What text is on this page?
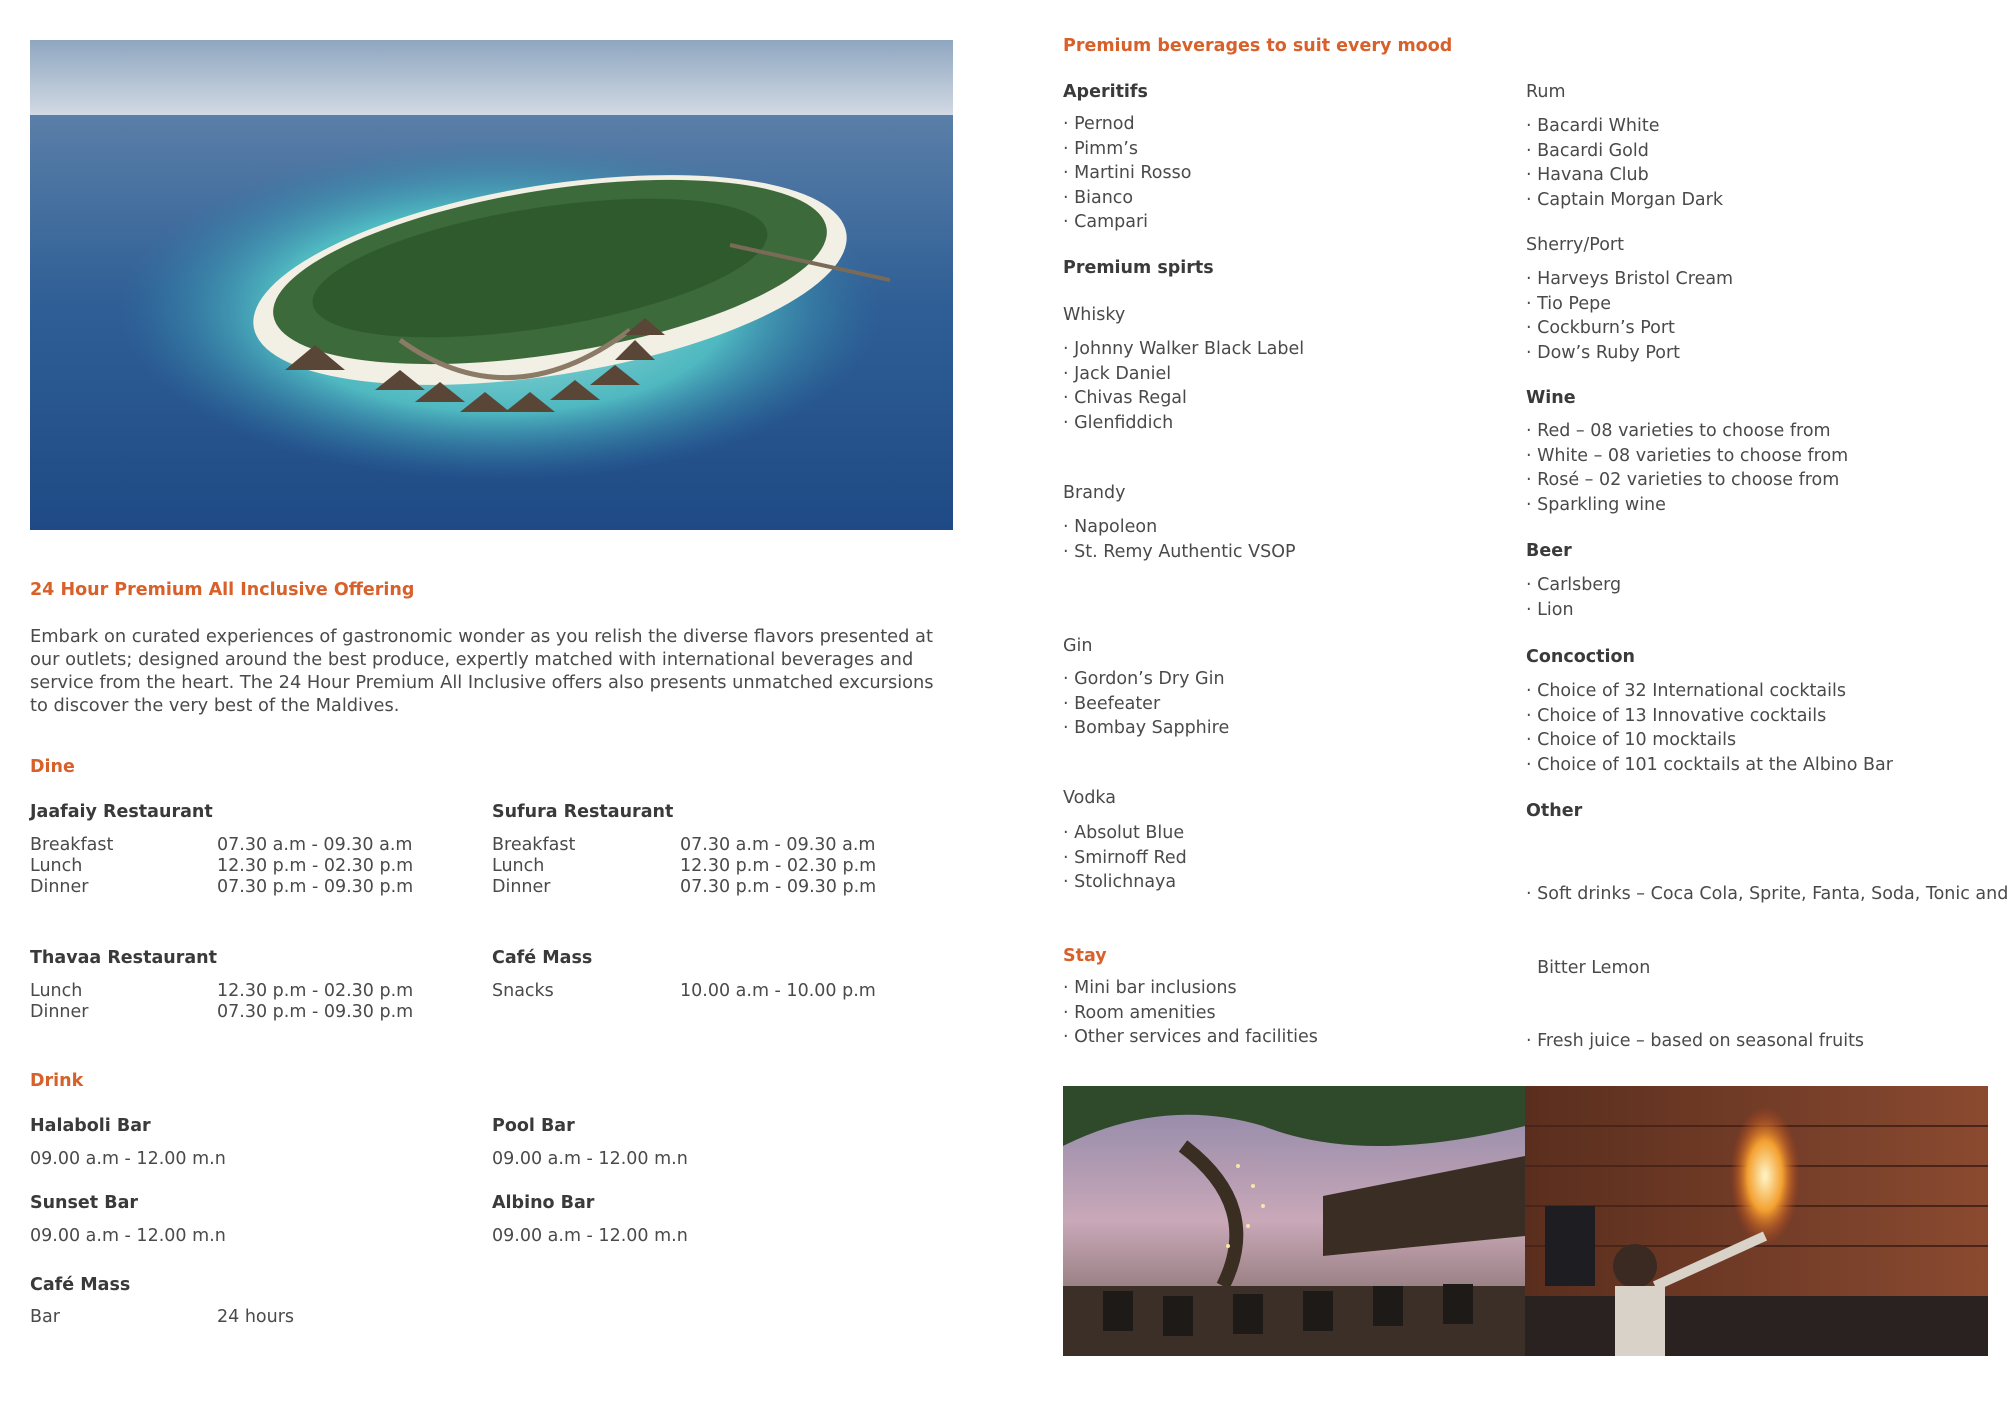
24 Hour Premium All Inclusive Offering

Embark on curated experiences of gastronomic wonder as you relish the diverse flavors presented at our outlets; designed around the best produce, expertly matched with international beverages and service from the heart. The 24 Hour Premium All Inclusive offers also presents unmatched excursions to discover the very best of the Maldives.

Dine
Jaafaiy Restaurant
Breakfast	07.30 a.m - 09.30 a.m
Lunch	12.30 p.m - 02.30 p.m
Dinner	07.30 p.m - 09.30 p.m
Sufura Restaurant
Breakfast	07.30 a.m - 09.30 a.m
Lunch	12.30 p.m - 02.30 p.m
Dinner	07.30 p.m - 09.30 p.m
Thavaa Restaurant
Lunch	12.30 p.m - 02.30 p.m
Dinner	07.30 p.m - 09.30 p.m
Café Mass
Snacks	10.00 a.m - 10.00 p.m
Drink
Halaboli Bar
09.00 a.m - 12.00 m.n
Pool Bar
09.00 a.m - 12.00 m.n
Sunset Bar
09.00 a.m - 12.00 m.n
Albino Bar
09.00 a.m - 12.00 m.n
Café Mass
Bar	24 hours
Premium beverages to suit every mood
Aperitifs
· Pernod
· Pimm’s
· Martini Rosso
· Bianco
· Campari
Premium spirts
Whisky
· Johnny Walker Black Label
· Jack Daniel
· Chivas Regal
· Glenfiddich
Brandy
· Napoleon
· St. Remy Authentic VSOP
Gin
· Gordon’s Dry Gin
· Beefeater
· Bombay Sapphire
Vodka
· Absolut Blue
· Smirnoff Red
· Stolichnaya
Stay
· Mini bar inclusions
· Room amenities
· Other services and facilities
Rum
· Bacardi White
· Bacardi Gold
· Havana Club
· Captain Morgan Dark
Sherry/Port
· Harveys Bristol Cream
· Tio Pepe
· Cockburn’s Port
· Dow’s Ruby Port
Wine
· Red – 08 varieties to choose from
· White – 08 varieties to choose from
· Rosé – 02 varieties to choose from
· Sparkling wine
Beer
· Carlsberg
· Lion
Concoction
· Choice of 32 International cocktails
· Choice of 13 Innovative cocktails
· Choice of 10 mocktails
· Choice of 101 cocktails at the Albino Bar
Other

· Soft drinks – Coca Cola, Sprite, Fanta, Soda, Tonic and

Bitter Lemon

· Fresh juice – based on seasonal fruits
